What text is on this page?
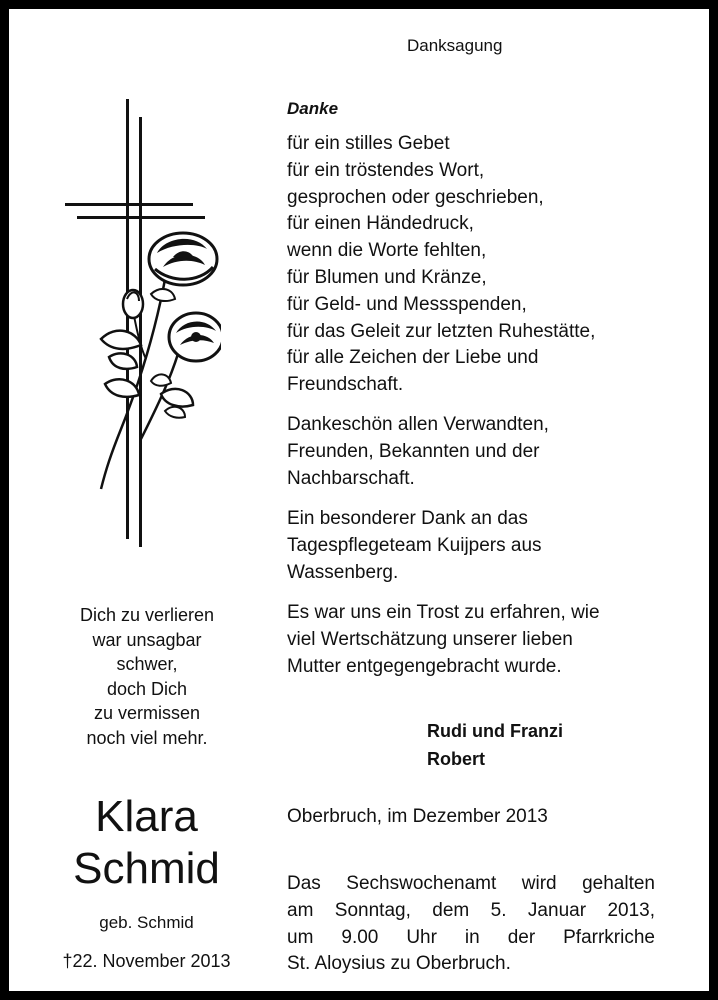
Danksagung
Danke
für ein stilles Gebet
für ein tröstendes Wort,
gesprochen oder geschrieben,
für einen Händedruck,
wenn die Worte fehlten,
für Blumen und Kränze,
für Geld- und Messspenden,
für das Geleit zur letzten Ruhestätte,
für alle Zeichen der Liebe und
Freundschaft.
Dankeschön allen Verwandten,
Freunden, Bekannten und der
Nachbarschaft.
Ein besonderer Dank an das
Tagespflegeteam Kuijpers aus
Wassenberg.
Es war uns ein Trost zu erfahren, wie
viel Wertschätzung unserer lieben
Mutter entgegengebracht wurde.
Rudi und Franzi
Robert
Oberbruch, im Dezember 2013
Das Sechswochenamt wird gehalten
am Sonntag, dem 5. Januar 2013,
um 9.00 Uhr in der Pfarrkriche
St. Aloysius zu Oberbruch.
Dich zu verlieren
war unsagbar
schwer,
doch Dich
zu vermissen
noch viel mehr.
Klara
Schmid
geb. Schmid
†22. November 2013
